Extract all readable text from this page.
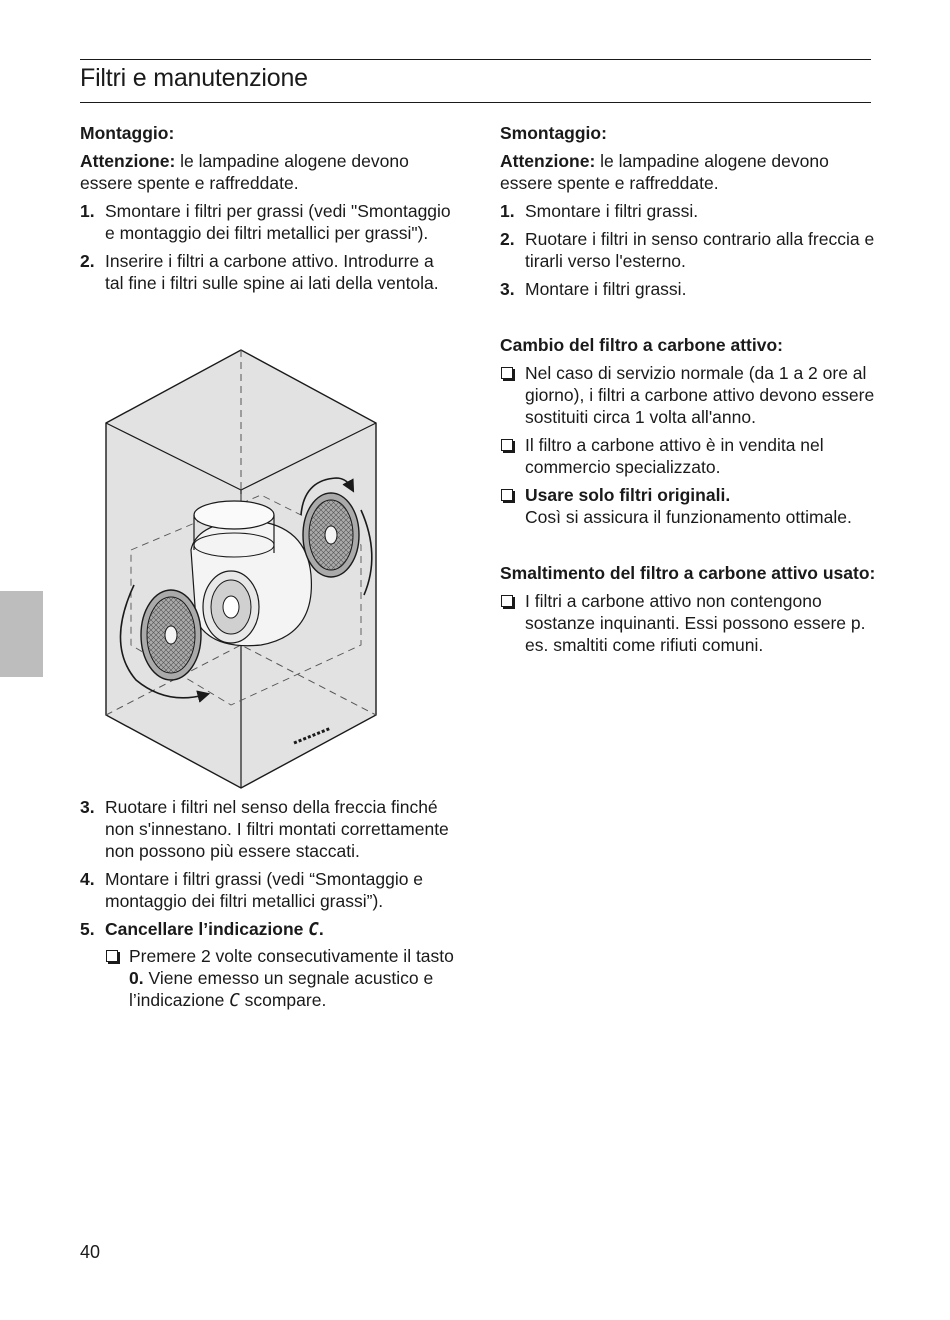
Filtri e manutenzione

Montaggio:

Attenzione: le lampadine alogene devono essere spente e raffreddate.

1. Smontare i filtri per grassi (vedi "Smontaggio e montaggio dei filtri metallici per grassi").
2. Inserire i filtri a carbone attivo. Introdurre a tal fine i filtri sulle spine ai lati della ventola.
3. Ruotare i filtri nel senso della freccia finché non s'innestano. I filtri montati correttamente non possono più essere staccati.
4. Montare i filtri grassi (vedi “Smontaggio e montaggio dei filtri metallici grassi”).
5. Cancellare l’indicazione C.
Premere 2 volte consecutivamente il tasto 0. Viene emesso un segnale acustico e l’indicazione C scompare.

Smontaggio:

Attenzione: le lampadine alogene devono essere spente e raffreddate.

1. Smontare i filtri grassi.
2. Ruotare i filtri in senso contrario alla freccia e tirarli verso l'esterno.
3. Montare i filtri grassi.

Cambio del filtro a carbone attivo:

Nel caso di servizio normale (da 1 a 2 ore al giorno), i filtri a carbone attivo devono essere sostituiti circa 1 volta all'anno.
Il filtro a carbone attivo è in vendita nel commercio specializzato.
Usare solo filtri originali.
Così si assicura il funzionamento ottimale.

Smaltimento del filtro a carbone attivo usato:

I filtri a carbone attivo non contengono sostanze inquinanti. Essi possono essere p. es. smaltiti come rifiuti comuni.
40
